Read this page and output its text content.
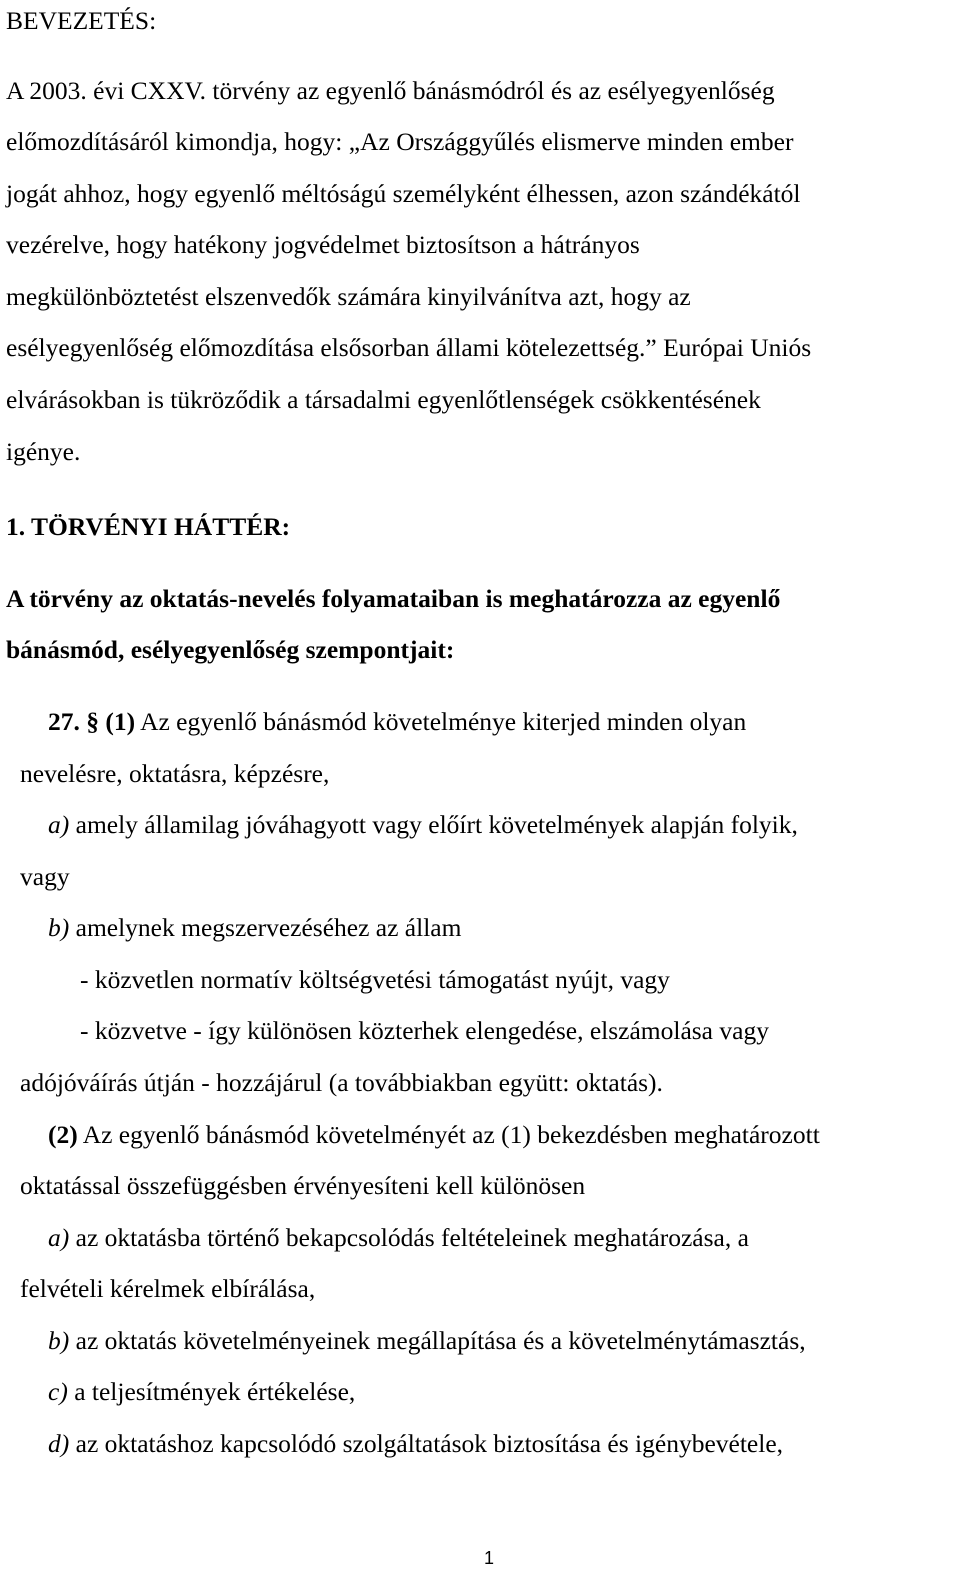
BEVEZETÉS:
A 2003. évi CXXV. törvény az egyenlő bánásmódról és az esélyegyenlőség
előmozdításáról kimondja, hogy: „Az Országgyűlés elismerve minden ember
jogát ahhoz, hogy egyenlő méltóságú személyként élhessen, azon szándékától
vezérelve, hogy hatékony jogvédelmet biztosítson a hátrányos
megkülönböztetést elszenvedők számára kinyilvánítva azt, hogy az
esélyegyenlőség előmozdítása elsősorban állami kötelezettség.” Európai Uniós
elvárásokban is tükröződik a társadalmi egyenlőtlenségek csökkentésének
igénye.
1. TÖRVÉNYI HÁTTÉR:
A törvény az oktatás-nevelés folyamataiban is meghatározza az egyenlő
bánásmód, esélyegyenlőség szempontjait:
27. § (1) Az egyenlő bánásmód követelménye kiterjed minden olyan
nevelésre, oktatásra, képzésre,
a) amely államilag jóváhagyott vagy előírt követelmények alapján folyik,
vagy
b) amelynek megszervezéséhez az állam
- közvetlen normatív költségvetési támogatást nyújt, vagy
- közvetve - így különösen közterhek elengedése, elszámolása vagy
adójóváírás útján - hozzájárul (a továbbiakban együtt: oktatás).
(2) Az egyenlő bánásmód követelményét az (1) bekezdésben meghatározott
oktatással összefüggésben érvényesíteni kell különösen
a) az oktatásba történő bekapcsolódás feltételeinek meghatározása, a
felvételi kérelmek elbírálása,
b) az oktatás követelményeinek megállapítása és a követelménytámasztás,
c) a teljesítmények értékelése,
d) az oktatáshoz kapcsolódó szolgáltatások biztosítása és igénybevétele,
1
